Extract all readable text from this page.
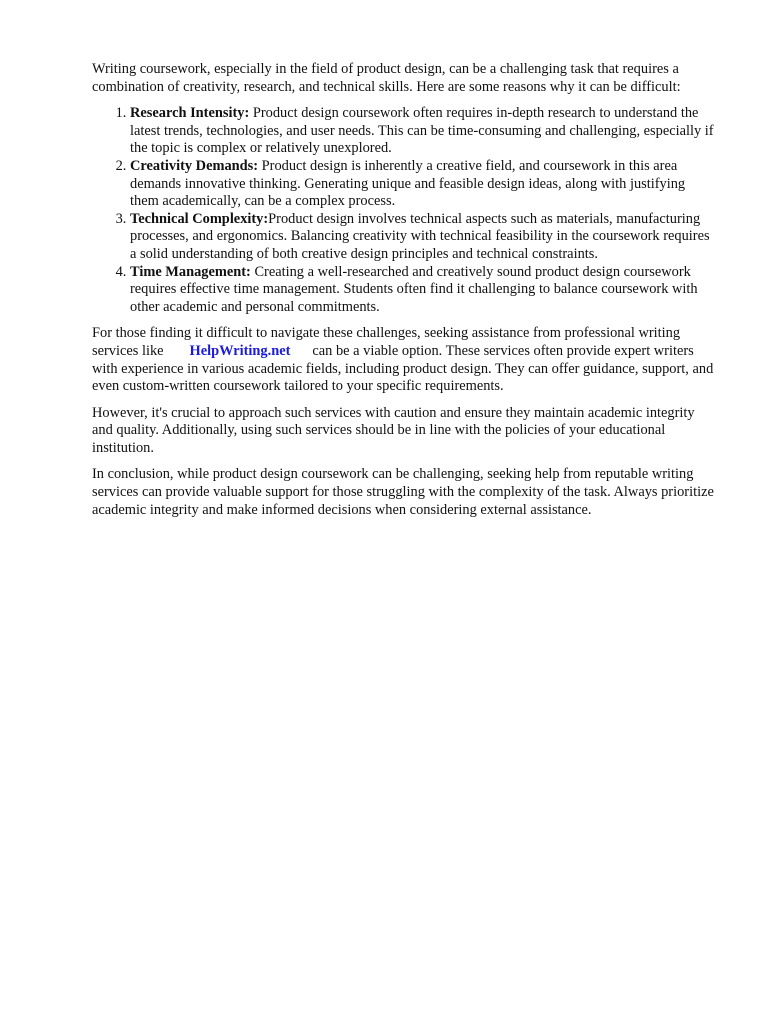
Writing coursework, especially in the field of product design, can be a challenging task that requires a combination of creativity, research, and technical skills. Here are some reasons why it can be difficult:

1. Research Intensity: Product design coursework often requires in-depth research to understand the latest trends, technologies, and user needs. This can be time-consuming and challenging, especially if the topic is complex or relatively unexplored.
2. Creativity Demands: Product design is inherently a creative field, and coursework in this area demands innovative thinking. Generating unique and feasible design ideas, along with justifying them academically, can be a complex process.
3. Technical Complexity:Product design involves technical aspects such as materials, manufacturing processes, and ergonomics. Balancing creativity with technical feasibility in the coursework requires a solid understanding of both creative design principles and technical constraints.
4. Time Management: Creating a well-researched and creatively sound product design coursework requires effective time management. Students often find it challenging to balance coursework with other academic and personal commitments.

For those finding it difficult to navigate these challenges, seeking assistance from professional writing services like HelpWriting.net can be a viable option. These services often provide expert writers with experience in various academic fields, including product design. They can offer guidance, support, and even custom-written coursework tailored to your specific requirements.

However, it's crucial to approach such services with caution and ensure they maintain academic integrity and quality. Additionally, using such services should be in line with the policies of your educational institution.

In conclusion, while product design coursework can be challenging, seeking help from reputable writing services can provide valuable support for those struggling with the complexity of the task. Always prioritize academic integrity and make informed decisions when considering external assistance.
